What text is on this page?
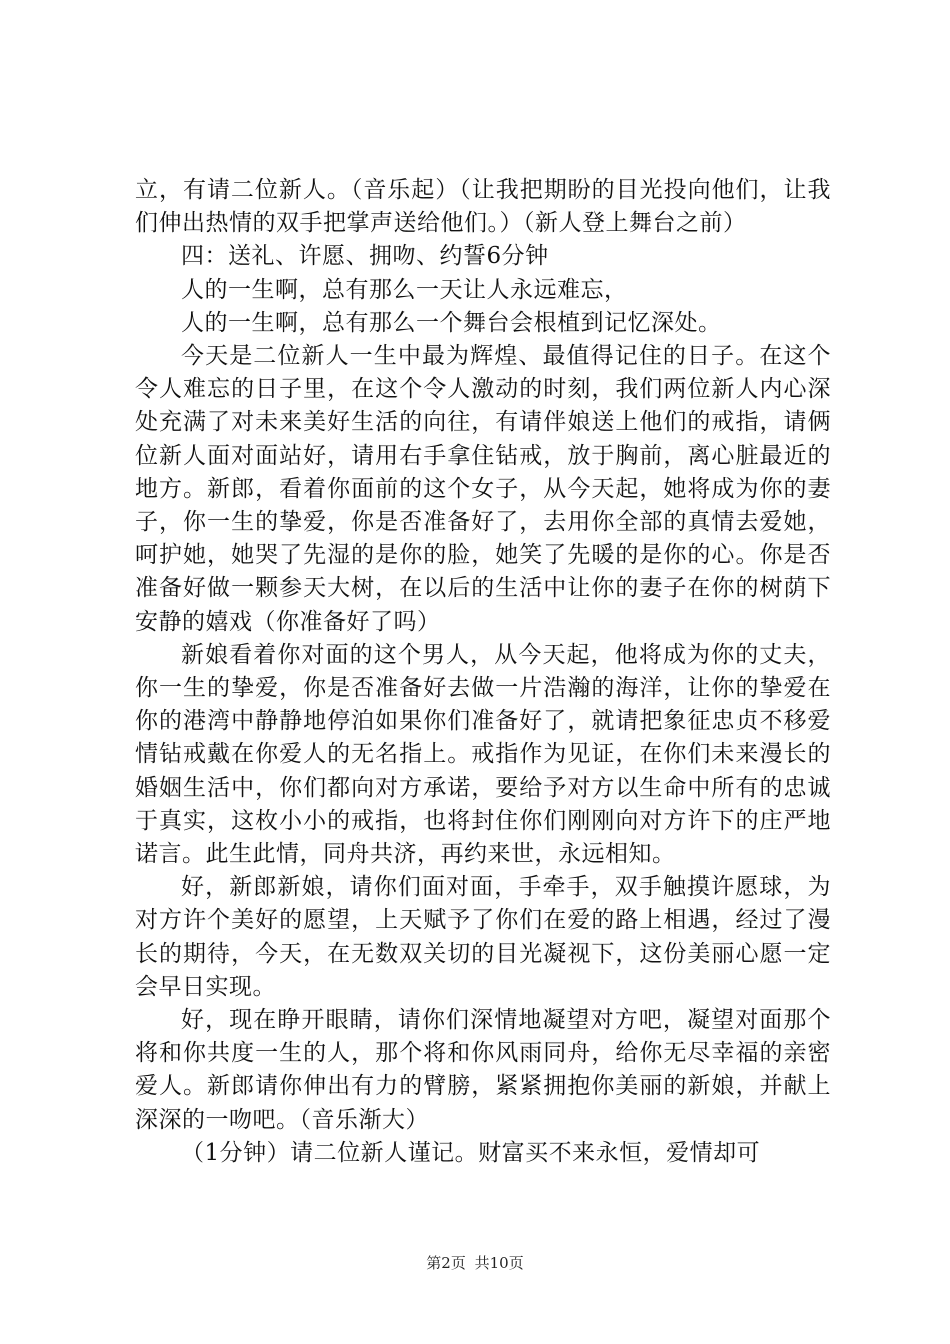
立，有请二位新人。（音乐起）（让我把期盼的目光投向他们，让我们伸出热情的双手把掌声送给他们。）（新人登上舞台之前）

四：送礼、许愿、拥吻、约誓6分钟

人的一生啊，总有那么一天让人永远难忘，

人的一生啊，总有那么一个舞台会根植到记忆深处。

今天是二位新人一生中最为辉煌、最值得记住的日子。在这个令人难忘的日子里，在这个令人激动的时刻，我们两位新人内心深处充满了对未来美好生活的向往，有请伴娘送上他们的戒指，请俩位新人面对面站好，请用右手拿住钻戒，放于胸前，离心脏最近的地方。新郎，看着你面前的这个女子，从今天起，她将成为你的妻子，你一生的挚爱，你是否准备好了，去用你全部的真情去爱她，呵护她，她哭了先湿的是你的脸，她笑了先暖的是你的心。你是否准备好做一颗参天大树，在以后的生活中让你的妻子在你的树荫下安静的嬉戏（你准备好了吗）

新娘看着你对面的这个男人，从今天起，他将成为你的丈夫，你一生的挚爱，你是否准备好去做一片浩瀚的海洋，让你的挚爱在你的港湾中静静地停泊如果你们准备好了，就请把象征忠贞不移爱情钻戒戴在你爱人的无名指上。戒指作为见证，在你们未来漫长的婚姻生活中，你们都向对方承诺，要给予对方以生命中所有的忠诚于真实，这枚小小的戒指，也将封住你们刚刚向对方许下的庄严地诺言。此生此情，同舟共济，再约来世，永远相知。

好，新郎新娘，请你们面对面，手牵手，双手触摸许愿球，为对方许个美好的愿望，上天赋予了你们在爱的路上相遇，经过了漫长的期待，今天，在无数双关切的目光凝视下，这份美丽心愿一定会早日实现。

好，现在睁开眼睛，请你们深情地凝望对方吧，凝望对面那个将和你共度一生的人，那个将和你风雨同舟，给你无尽幸福的亲密爱人。新郎请你伸出有力的臂膀，紧紧拥抱你美丽的新娘，并献上深深的一吻吧。（音乐渐大）

（1分钟）请二位新人谨记。财富买不来永恒，爱情却可

第2页 共10页
